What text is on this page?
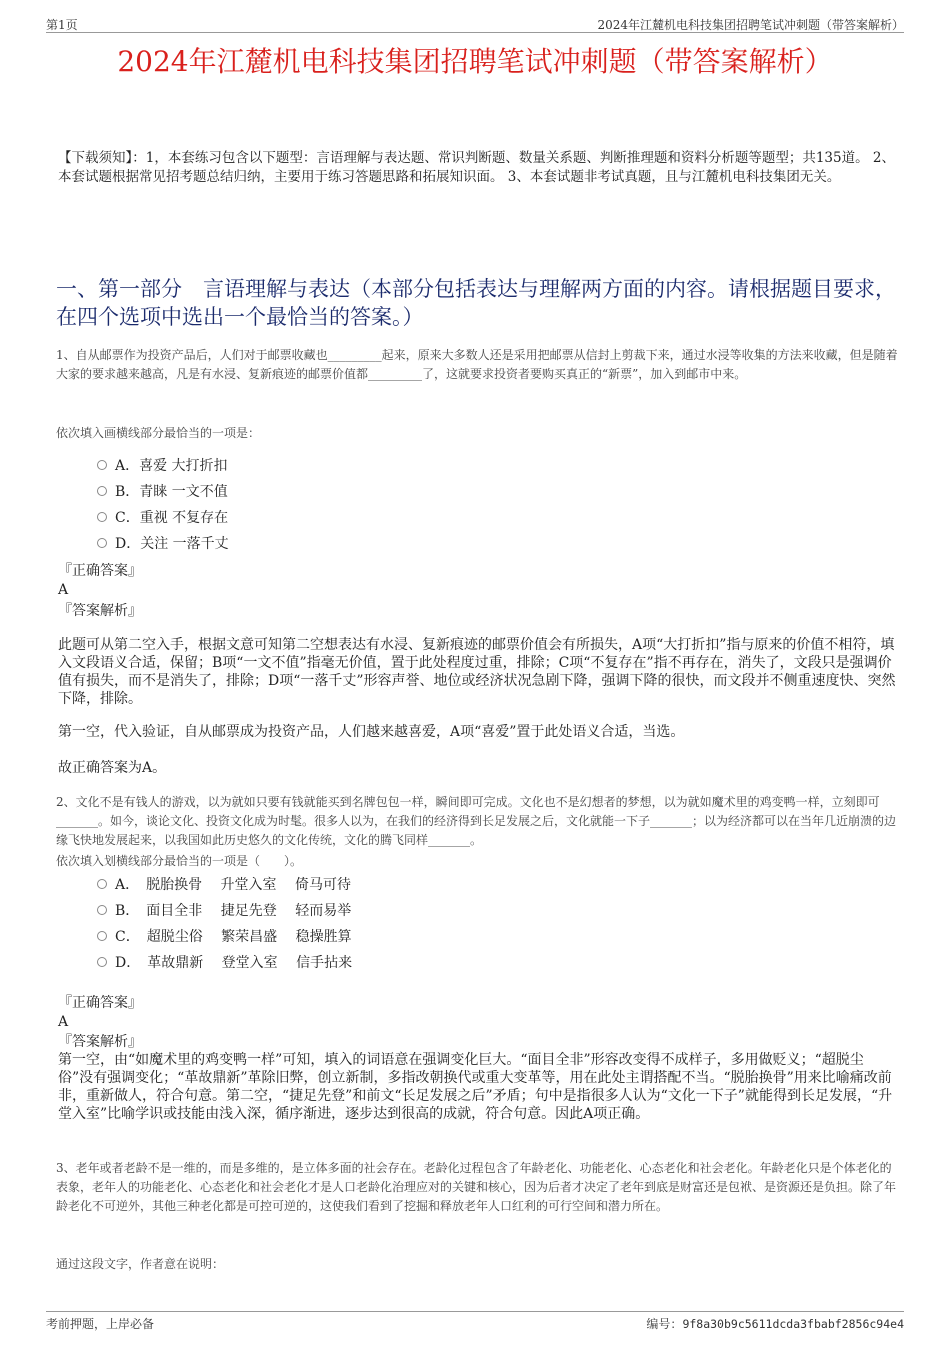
第1页	2024年江麓机电科技集团招聘笔试冲刺题（带答案解析）
2024年江麓机电科技集团招聘笔试冲刺题（带答案解析）
【下载须知】：1，本套练习包含以下题型：言语理解与表达题、常识判断题、数量关系题、判断推理题和资料分析题等题型；共135道。 2、本套试题根据常见招考题总结归纳，主要用于练习答题思路和拓展知识面。 3、本套试题非考试真题，且与江麓机电科技集团无关。
一、第一部分　言语理解与表达（本部分包括表达与理解两方面的内容。请根据题目要求，在四个选项中选出一个最恰当的答案。）
1、自从邮票作为投资产品后，人们对于邮票收藏也_________起来，原来大多数人还是采用把邮票从信封上剪裁下来，通过水浸等收集的方法来收藏，但是随着大家的要求越来越高，凡是有水浸、复新痕迹的邮票价值都_________了，这就要求投资者要购买真正的“新票”，加入到邮市中来。
依次填入画横线部分最恰当的一项是：
A．喜爱 大打折扣
B．青睐 一文不值
C．重视 不复存在
D．关注 一落千丈
『正确答案』
A
『答案解析』

此题可从第二空入手，根据文意可知第二空想表达有水浸、复新痕迹的邮票价值会有所损失，A项“大打折扣”指与原来的价值不相符，填入文段语义合适，保留；B项“一文不值”指毫无价值，置于此处程度过重，排除；C项“不复存在”指不再存在，消失了，文段只是强调价值有损失，而不是消失了，排除；D项“一落千丈”形容声誉、地位或经济状况急剧下降，强调下降的很快，而文段并不侧重速度快、突然下降，排除。

第一空，代入验证，自从邮票成为投资产品，人们越来越喜爱，A项“喜爱”置于此处语义合适，当选。
故正确答案为A。
2、文化不是有钱人的游戏，以为就如只要有钱就能买到名牌包包一样，瞬间即可完成。文化也不是幻想者的梦想，以为就如魔术里的鸡变鸭一样，立刻即可_______。如今，谈论文化、投资文化成为时髦。很多人以为，在我们的经济得到长足发展之后，文化就能一下子_______；以为经济都可以在当年几近崩溃的边缘飞快地发展起来，以我国如此历史悠久的文化传统，文化的腾飞同样_______。
依次填入划横线部分最恰当的一项是（　　）。
A．　脱胎换骨　 升堂入室　 倚马可待
B．　面目全非　 捷足先登　 轻而易举
C．　超脱尘俗　 繁荣昌盛　 稳操胜算
D．　革故鼎新　 登堂入室　 信手拈来
『正确答案』
A
『答案解析』
第一空，由“如魔术里的鸡变鸭一样”可知，填入的词语意在强调变化巨大。“面目全非”形容改变得不成样子，多用做贬义；“超脱尘俗”没有强调变化；“革故鼎新”革除旧弊，创立新制，多指改朝换代或重大变革等，用在此处主谓搭配不当。“脱胎换骨”用来比喻痛改前非，重新做人，符合句意。第二空，“捷足先登”和前文“长足发展之后”矛盾；句中是指很多人认为“文化一下子”就能得到长足发展，“升堂入室”比喻学识或技能由浅入深，循序渐进，逐步达到很高的成就，符合句意。因此A项正确。
3、老年或者老龄不是一维的，而是多维的，是立体多面的社会存在。老龄化过程包含了年龄老化、功能老化、心态老化和社会老化。年龄老化只是个体老化的表象，老年人的功能老化、心态老化和社会老化才是人口老龄化治理应对的关键和核心，因为后者才决定了老年到底是财富还是包袱、是资源还是负担。除了年龄老化不可逆外，其他三种老化都是可控可逆的，这使我们看到了挖掘和释放老年人口红利的可行空间和潜力所在。
通过这段文字，作者意在说明：
考前押题，上岸必备	编号：9f8a30b9c5611dcda3fbabf2856c94e4
